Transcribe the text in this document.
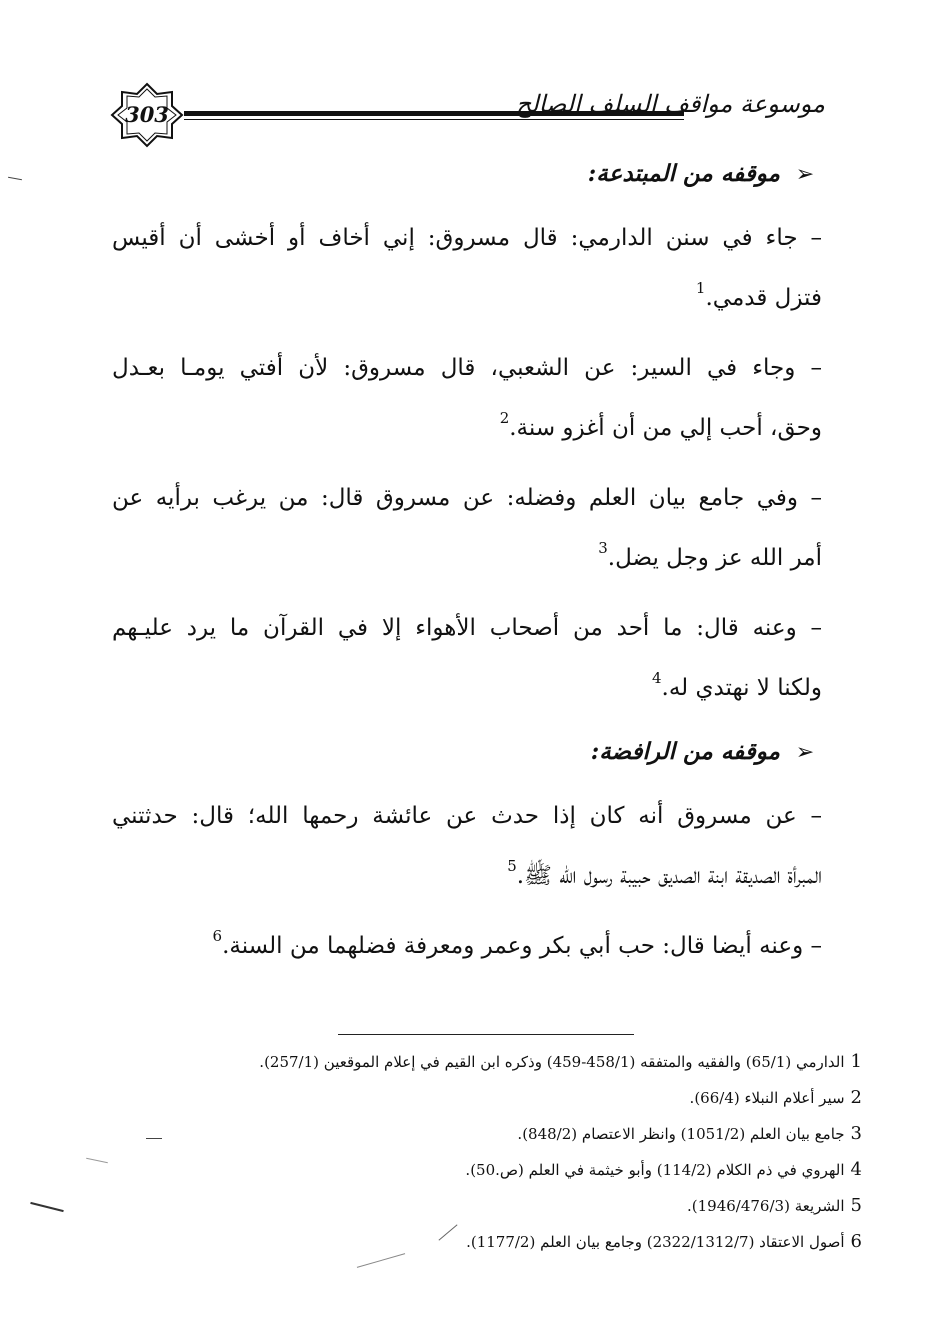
303	موسوعة مواقف السلف الصالح
➢ موقفه من المبتدعة:
– جاء في سنن الدارمي: قال مسروق: إني أخاف أو أخشى أن أقيس
فتزل قدمي.$^1$
– وجاء في السير: عن الشعبي، قال مسروق: لأن أفتي يومـا بعـدل
وحق، أحب إلي من أن أغزو سنة.$^2$
– وفي جامع بيان العلم وفضله: عن مسروق قال: من يرغب برأيه عن
أمر الله عز وجل يضل.$^3$
– وعنه قال: ما أحد من أصحاب الأهواء إلا في القرآن ما يرد عليـهم
ولكنا لا نهتدي له.$^4$
➢ موقفه من الرافضة:
– عن مسروق أنه كان إذا حدث عن عائشة رحمها الله؛ قال: حدثتني
المبرأة الصديقة ابنة الصديق حبيبة رسول الله ﷺ.$^5$
– وعنه أيضا قال: حب أبي بكر وعمر ومعرفة فضلهما من السنة.$^6$
1الدارمي (65/1) والفقيه والمتفقه (458/1-459) وذكره ابن القيم في إعلام الموقعين (257/1).
2سير أعلام النبلاء (66/4).
3جامع بيان العلم (1051/2) وانظر الاعتصام (848/2).
4الهروي في ذم الكلام (114/2) وأبو خيثمة في العلم (ص.50).
5الشريعة (1946/476/3).
6أصول الاعتقاد (2322/1312/7) وجامع بيان العلم (1177/2).
